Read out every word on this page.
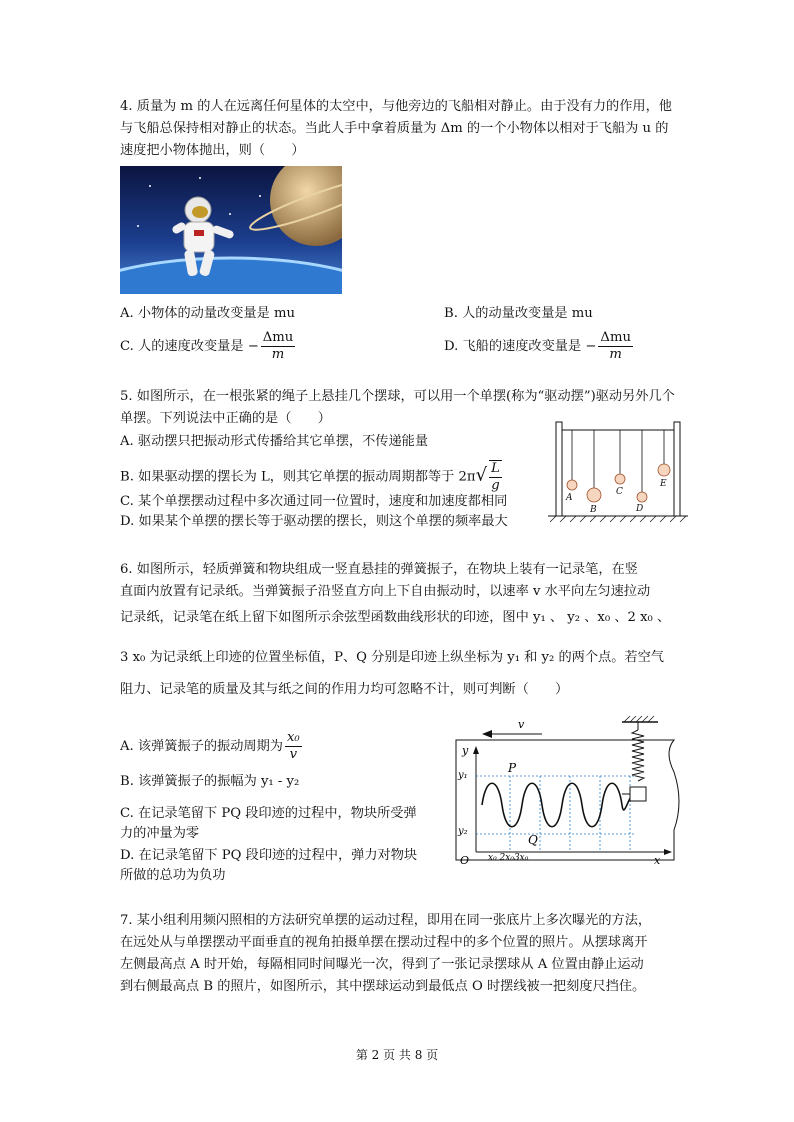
4. 质量为 m 的人在远离任何星体的太空中，与他旁边的飞船相对静止。由于没有力的作用，他与飞船总保持相对静止的状态。当此人手中拿着质量为 Δm 的一个小物体以相对于飞船为 u 的速度把小物体抛出，则（　　）
A. 小物体的动量改变量是 mu	B. 人的动量改变量是 mu
C. 人的速度改变量是 − $\frac{\text{Δmu}}{m}$	D. 飞船的速度改变量是 − $\frac{\text{Δmu}}{m}$
5. 如图所示，在一根张紧的绳子上悬挂几个摆球，可以用一个单摆(称为“驱动摆”)驱动另外几个单摆。下列说法中正确的是（　　）
A. 驱动摆只把振动形式传播给其它单摆，不传递能量
B. 如果驱动摆的摆长为 L，则其它单摆的振动周期都等于 $2\pi√ \frac{L}{g}$
C. 某个单摆摆动过程中多次通过同一位置时，速度和加速度都相同
D. 如果某个单摆的摆长等于驱动摆的摆长，则这个单摆的频率最大
A
B
C
D
E
6. 如图所示，轻质弹簧和物块组成一竖直悬挂的弹簧振子，在物块上装有一记录笔，在竖
直面内放置有记录纸。当弹簧振子沿竖直方向上下自由振动时，以速率 v 水平向左匀速拉动
记录纸，记录笔在纸上留下如图所示余弦型函数曲线形状的印迹，图中 y₁ 、 y₂ 、x₀ 、2 x₀ 、
3 x₀ 为记录纸上印迹的位置坐标值，P、Q 分别是印迹上纵坐标为 y₁ 和 y₂ 的两个点。若空气
阻力、记录笔的质量及其与纸之间的作用力均可忽略不计，则可判断（　　）
A. 该弹簧振子的振动周期为 $\frac{\text{x₀}}{v}$
B. 该弹簧振子的振幅为 y₁ - y₂
C. 在记录笔留下 PQ 段印迹的过程中，物块所受弹
力的冲量为零
D. 在记录笔留下 PQ 段印迹的过程中，弹力对物块
所做的总功为负功
v
y
x
O
y₁
y₂
P
Q
x₀ 2x₀3x₀
7. 某小组利用频闪照相的方法研究单摆的运动过程，即用在同一张底片上多次曝光的方法，
在远处从与单摆摆动平面垂直的视角拍摄单摆在摆动过程中的多个位置的照片。从摆球离开
左侧最高点 A 时开始，每隔相同时间曝光一次，得到了一张记录摆球从 A 位置由静止运动
到右侧最高点 B 的照片，如图所示，其中摆球运动到最低点 O 时摆线被一把刻度尺挡住。
第 2 页 共 8 页
